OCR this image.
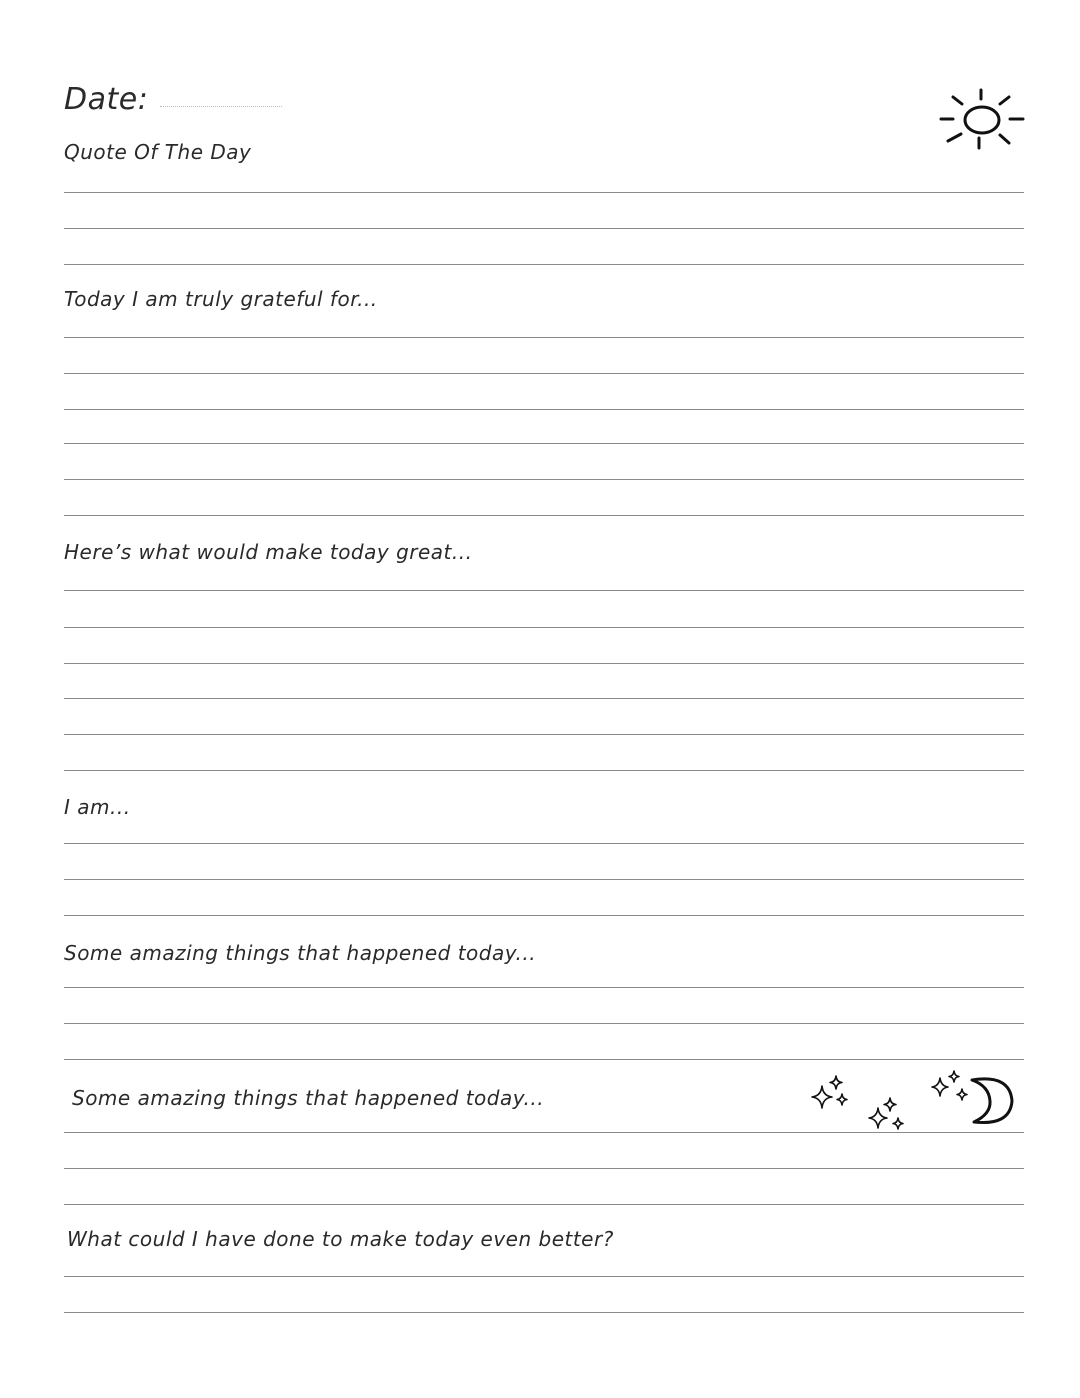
Date:
Quote Of The Day
Today I am truly grateful for...
Here’s what would make today great...
I am...
Some amazing things that happened today...
Some amazing things that happened today...
What could I have done to make today even better?
